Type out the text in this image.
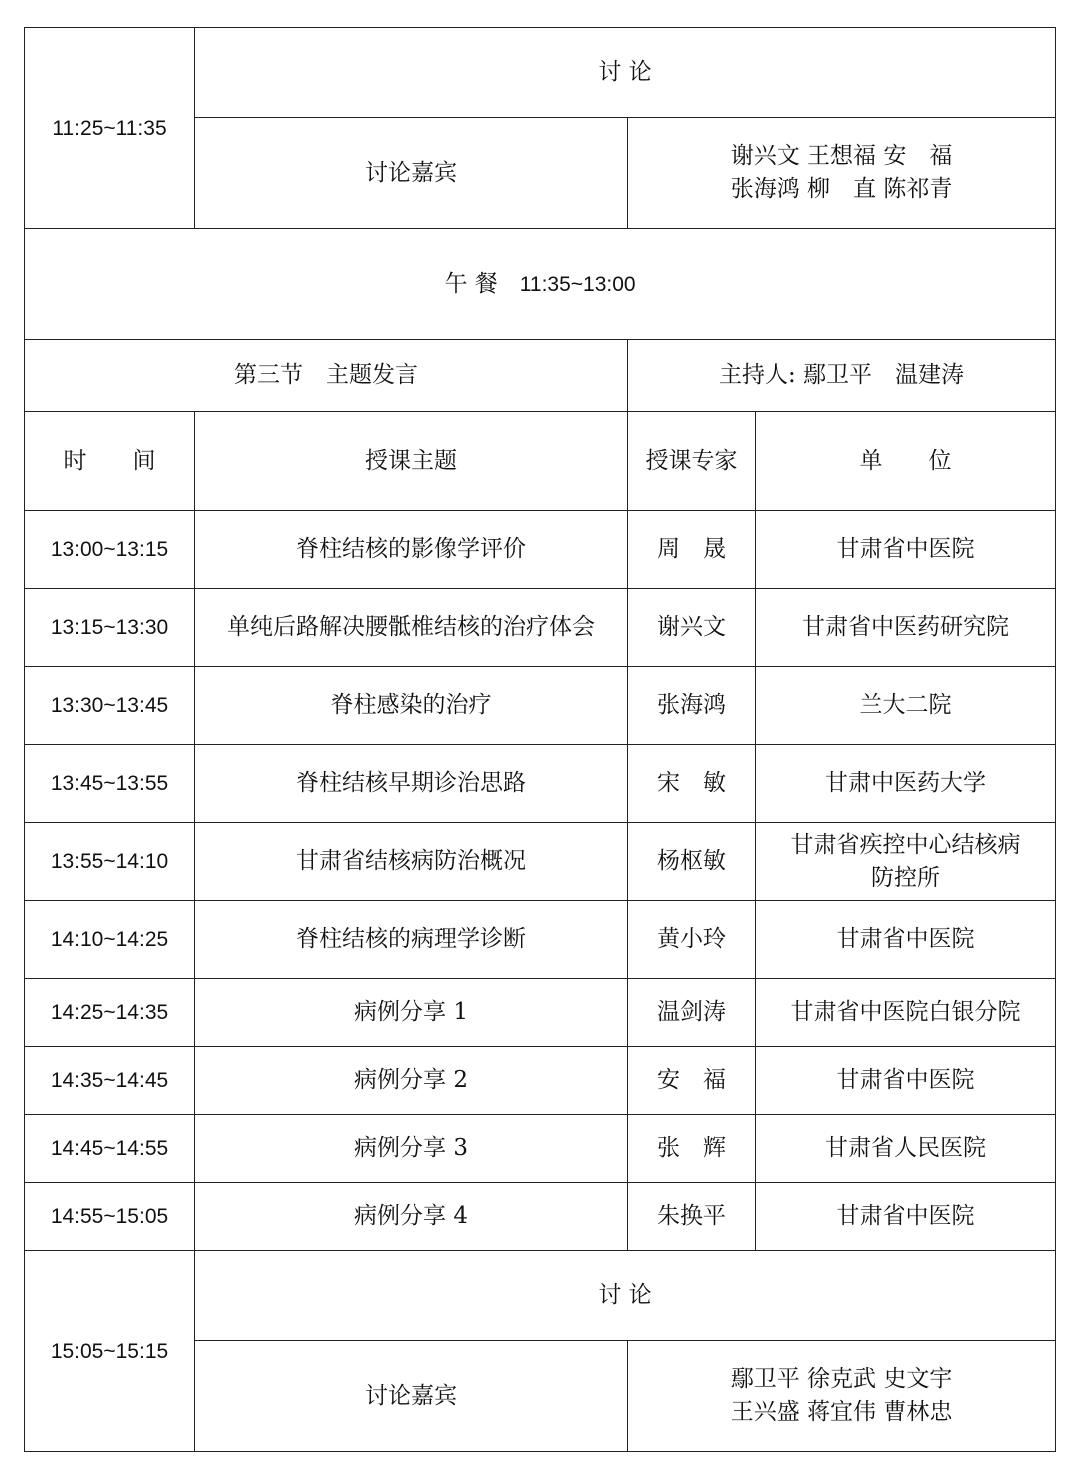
11:25~11:35	讨 论		
	讨论嘉宾	谢兴文 王想福 安　福
张海鸿 柳　直 陈祁青	

午 餐 11:35~13:00			
第三节　主题发言		主持人: 鄢卫平　温建涛	
时　　间	授课主题	授课专家	单　　位
13:00~13:15	脊柱结核的影像学评价	周　晟	甘肃省中医院
13:15~13:30	单纯后路解决腰骶椎结核的治疗体会	谢兴文	甘肃省中医药研究院
13:30~13:45	脊柱感染的治疗	张海鸿	兰大二院
13:45~13:55	脊柱结核早期诊治思路	宋　敏	甘肃中医药大学
13:55~14:10	甘肃省结核病防治概况	杨枢敏	甘肃省疾控中心结核病
防控所

14:10~14:25	脊柱结核的病理学诊断	黄小玲	甘肃省中医院
14:25~14:35	病例分享 1	温剑涛	甘肃省中医院白银分院
14:35~14:45	病例分享 2	安　福	甘肃省中医院
14:45~14:55	病例分享 3	张　辉	甘肃省人民医院
14:55~15:05	病例分享 4	朱换平	甘肃省中医院
15:05~15:15	讨 论		
	讨论嘉宾	鄢卫平 徐克武 史文宇
王兴盛 蒋宜伟 曹林忠	
